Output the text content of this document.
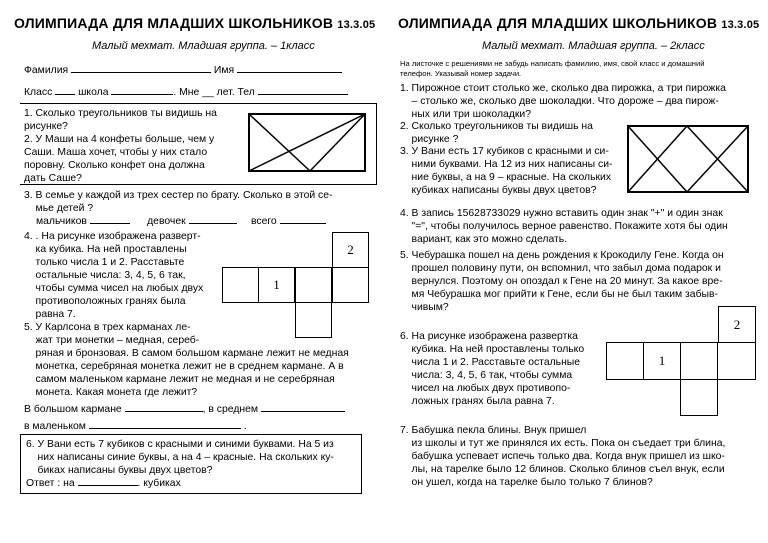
ОЛИМПИАДА ДЛЯ МЛАДШИХ ШКОЛЬНИКОВ 13.3.05
Малый мехмат. Младшая группа. – 1класс
Фамилия	Имя
Класс школа	. Мне __ лет. Тел
1. Сколько треугольников ты видишь на
рисунке?
2. У Маши на 4 конфеты больше, чем у
Саши. Маша хочет, чтобы у них стало
поровну. Сколько конфет она должна
дать Саше?
3. В семье у каждой из трех сестер по брату. Сколько в этой се-
мье детей ?
мальчиков	девочек	всего
4. . На рисунке изображена разверт-
ка кубика. На ней проставлены
только числа 1 и 2. Расставьте
остальные числа: 3, 4, 5, 6 так,
чтобы сумма чисел на любых двух
противоположных гранях была
равна 7.
2
1
5. У Карлсона в трех карманах ле-
жат три монетки – медная, сереб-
ряная и бронзовая. В самом большом кармане лежит не медная
монетка, серебряная монетка лежит не в среднем кармане. А в
самом маленьком кармане лежит не медная и не серебряная
монета. Какая монета где лежит?
В большом кармане	, в среднем
в маленьком	.
6. У Вани есть 7 кубиков с красными и синими буквами. На 5 из
них написаны синие буквы, а на 4 – красные. На скольких ку-
биках написаны буквы двух цветов?
Ответ : на	. кубиках
ОЛИМПИАДА ДЛЯ МЛАДШИХ ШКОЛЬНИКОВ 13.3.05
Малый мехмат. Младшая группа. – 2класс
На листочке с решениями не забудь написать фамилию, имя, свой класс и домашний
телефон. Указывай номер задачи.
1. Пирожное стоит столько же, сколько два пирожка, а три пирожка
– столько же, сколько две шоколадки. Что дороже – два пирож-
ных или три шоколадки?
2. Сколько треугольников ты видишь на
рисунке ?
3. У Вани есть 17 кубиков с красными и си-
ними буквами. На 12 из них написаны си-
ние буквы, а на 9 – красные. На скольких
кубиках написаны буквы двух цветов?
4. В запись 15628733029 нужно вставить один знак "+" и один знак
"=", чтобы получилось верное равенство. Покажите хотя бы один
вариант, как это можно сделать.
5. Чебурашка пошел на день рождения к Крокодилу Гене. Когда он
прошел половину пути, он вспомнил, что забыл дома подарок и
вернулся. Поэтому он опоздал к Гене на 20 минут. За какое вре-
мя Чебурашка мог прийти к Гене, если бы не был таким забыв-
чивым?
6. На рисунке изображена развертка
кубика. На ней проставлены только
числа 1 и 2. Расставьте остальные
числа: 3, 4, 5, 6 так, чтобы сумма
чисел на любых двух противопо-
ложных гранях была равна 7.
2
1
7. Бабушка пекла блины. Внук пришел
из школы и тут же принялся их есть. Пока он съедает три блина,
бабушка успевает испечь только два. Когда внук пришел из шко-
лы, на тарелке было 12 блинов. Сколько блинов съел внук, если
он ушел, когда на тарелке было только 7 блинов?
